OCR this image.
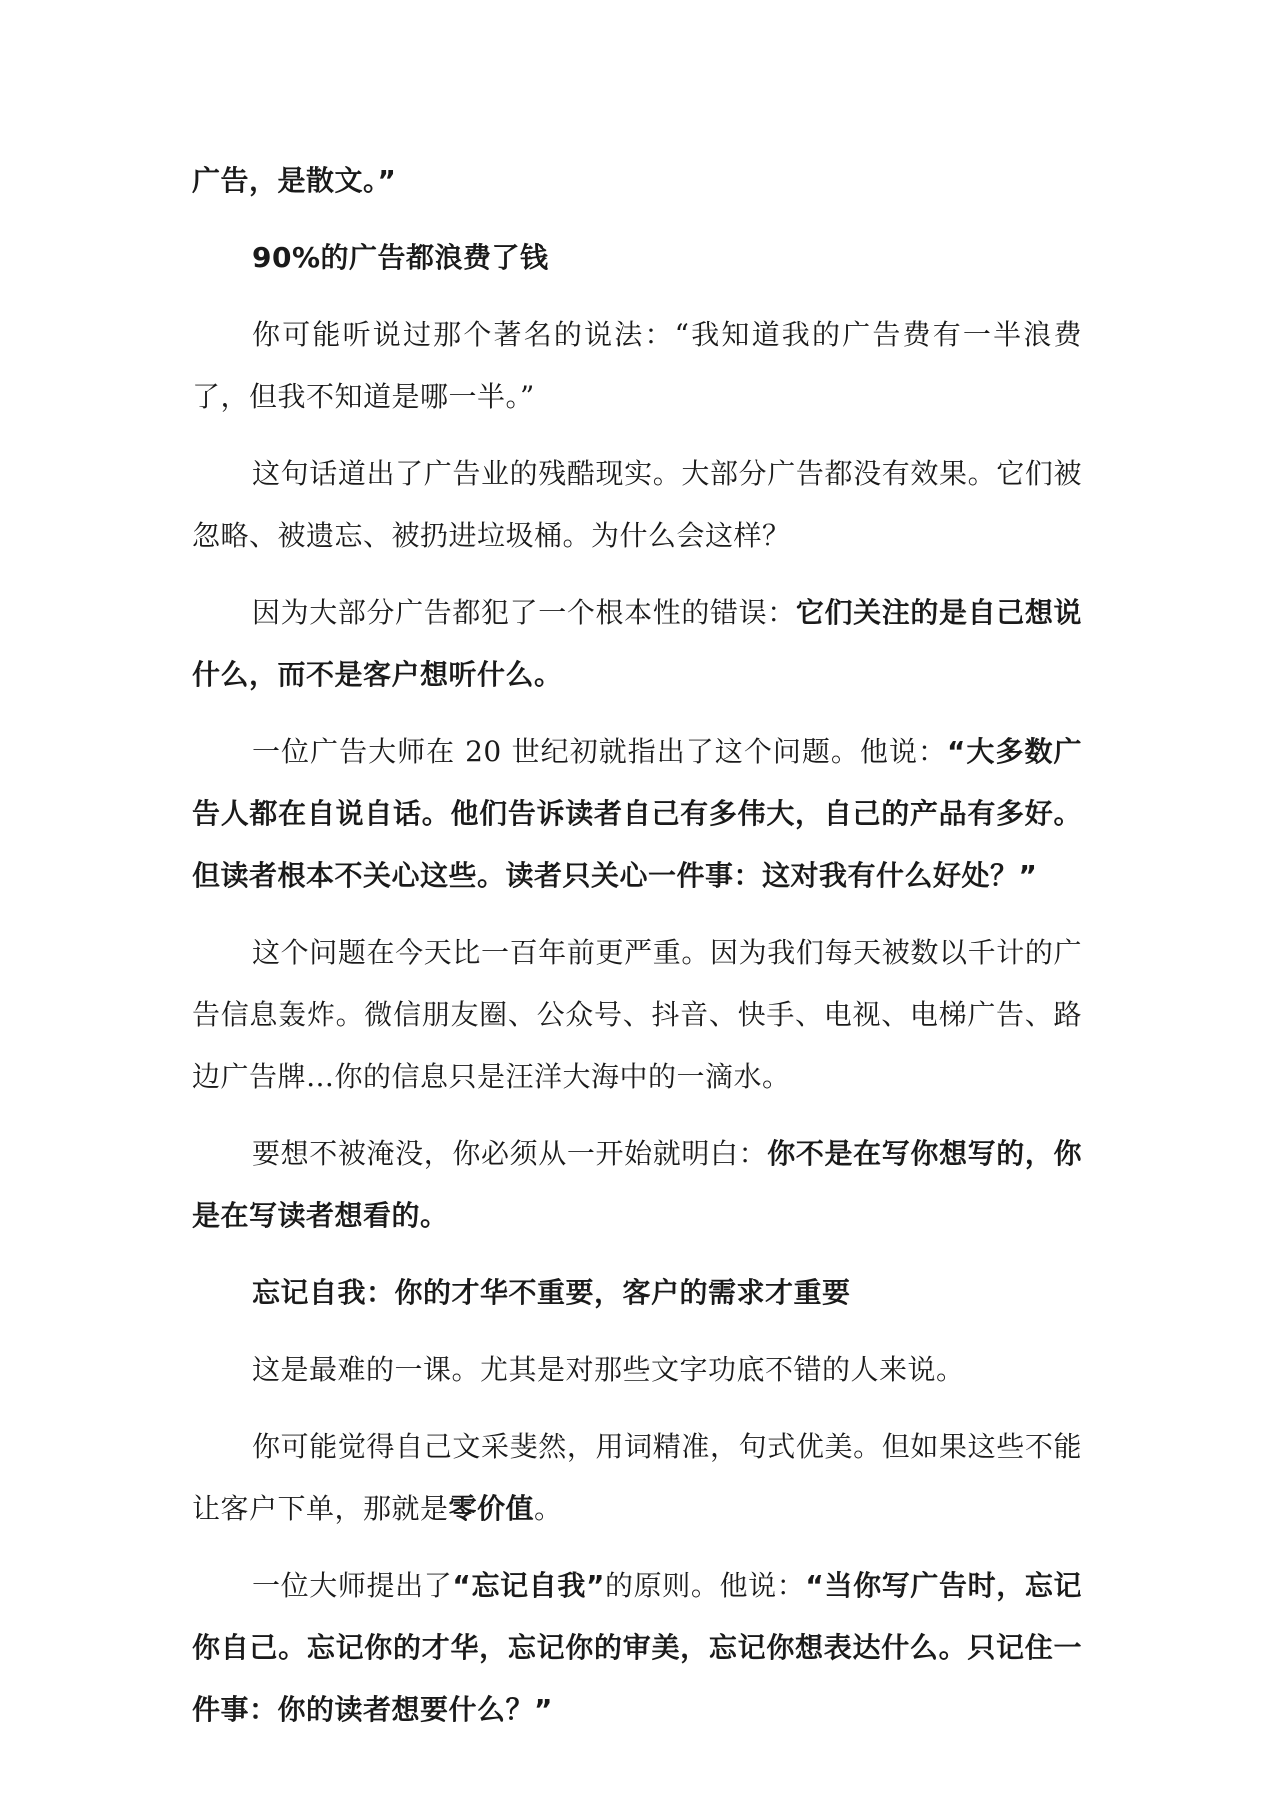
广告，是散文。”

90%的广告都浪费了钱

你可能听说过那个著名的说法：“我知道我的广告费有一半浪费了，但我不知道是哪一半。”

这句话道出了广告业的残酷现实。大部分广告都没有效果。它们被忽略、被遗忘、被扔进垃圾桶。为什么会这样？

因为大部分广告都犯了一个根本性的错误：它们关注的是自己想说什么，而不是客户想听什么。

一位广告大师在 20 世纪初就指出了这个问题。他说：“大多数广告人都在自说自话。他们告诉读者自己有多伟大，自己的产品有多好。但读者根本不关心这些。读者只关心一件事：这对我有什么好处？”

这个问题在今天比一百年前更严重。因为我们每天被数以千计的广告信息轰炸。微信朋友圈、公众号、抖音、快手、电视、电梯广告、路边广告牌…你的信息只是汪洋大海中的一滴水。

要想不被淹没，你必须从一开始就明白：你不是在写你想写的，你是在写读者想看的。

忘记自我：你的才华不重要，客户的需求才重要

这是最难的一课。尤其是对那些文字功底不错的人来说。

你可能觉得自己文采斐然，用词精准，句式优美。但如果这些不能让客户下单，那就是零价值。

一位大师提出了“忘记自我”的原则。他说：“当你写广告时，忘记你自己。忘记你的才华，忘记你的审美，忘记你想表达什么。只记住一件事：你的读者想要什么？”
